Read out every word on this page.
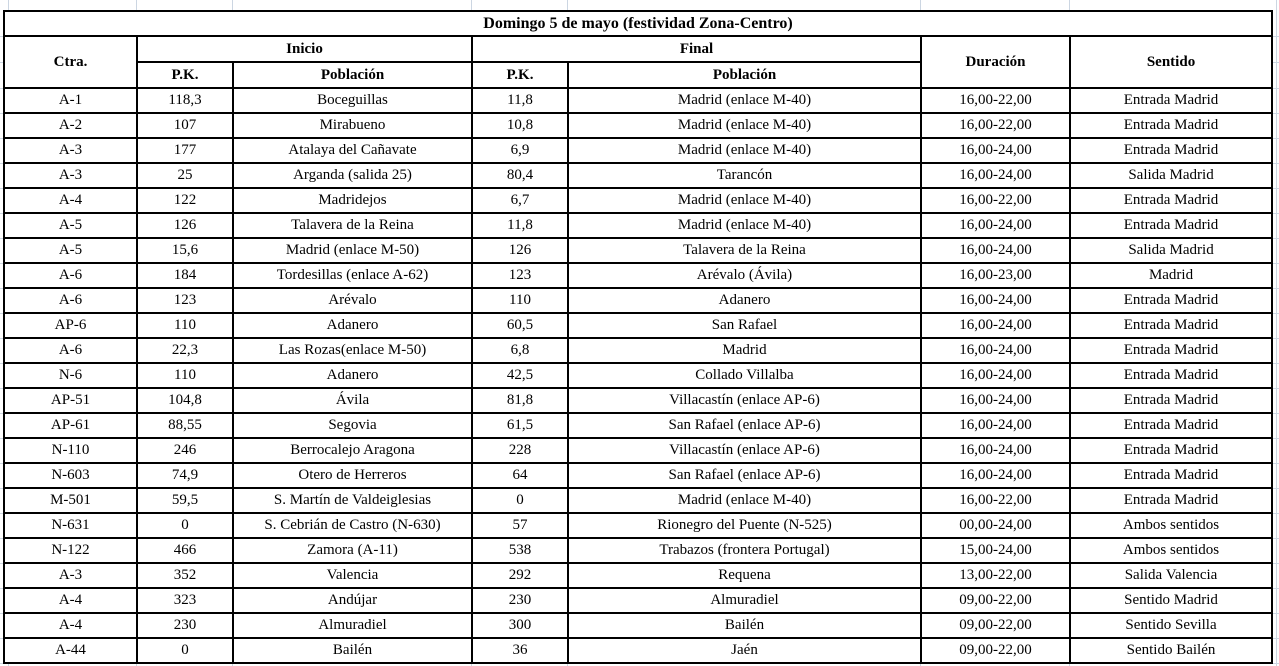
Domingo 5 de mayo (festividad Zona-Centro)						
Ctra.	Inicio		Final		Duración	Sentido
	P.K.	Población	P.K.	Población		
A-1	118,3	Boceguillas	11,8	Madrid (enlace M-40)	16,00-22,00	Entrada Madrid
A-2	107	Mirabueno	10,8	Madrid (enlace M-40)	16,00-22,00	Entrada Madrid
A-3	177	Atalaya del Cañavate	6,9	Madrid (enlace M-40)	16,00-24,00	Entrada Madrid
A-3	25	Arganda (salida 25)	80,4	Tarancón	16,00-24,00	Salida Madrid
A-4	122	Madridejos	6,7	Madrid (enlace M-40)	16,00-22,00	Entrada Madrid
A-5	126	Talavera de la Reina	11,8	Madrid (enlace M-40)	16,00-24,00	Entrada Madrid
A-5	15,6	Madrid (enlace M-50)	126	Talavera de la Reina	16,00-24,00	Salida Madrid
A-6	184	Tordesillas (enlace A-62)	123	Arévalo (Ávila)	16,00-23,00	Madrid
A-6	123	Arévalo	110	Adanero	16,00-24,00	Entrada Madrid
AP-6	110	Adanero	60,5	San Rafael	16,00-24,00	Entrada Madrid
A-6	22,3	Las Rozas(enlace M-50)	6,8	Madrid	16,00-24,00	Entrada Madrid
N-6	110	Adanero	42,5	Collado Villalba	16,00-24,00	Entrada Madrid
AP-51	104,8	Ávila	81,8	Villacastín (enlace AP-6)	16,00-24,00	Entrada Madrid
AP-61	88,55	Segovia	61,5	San Rafael (enlace AP-6)	16,00-24,00	Entrada Madrid
N-110	246	Berrocalejo Aragona	228	Villacastín (enlace AP-6)	16,00-24,00	Entrada Madrid
N-603	74,9	Otero de Herreros	64	San Rafael (enlace AP-6)	16,00-24,00	Entrada Madrid
M-501	59,5	S. Martín de Valdeiglesias	0	Madrid (enlace M-40)	16,00-22,00	Entrada Madrid
N-631	0	S. Cebrián de Castro (N-630)	57	Rionegro del Puente (N-525)	00,00-24,00	Ambos sentidos
N-122	466	Zamora (A-11)	538	Trabazos (frontera Portugal)	15,00-24,00	Ambos sentidos
A-3	352	Valencia	292	Requena	13,00-22,00	Salida Valencia
A-4	323	Andújar	230	Almuradiel	09,00-22,00	Sentido Madrid
A-4	230	Almuradiel	300	Bailén	09,00-22,00	Sentido Sevilla
A-44	0	Bailén	36	Jaén	09,00-22,00	Sentido Bailén
